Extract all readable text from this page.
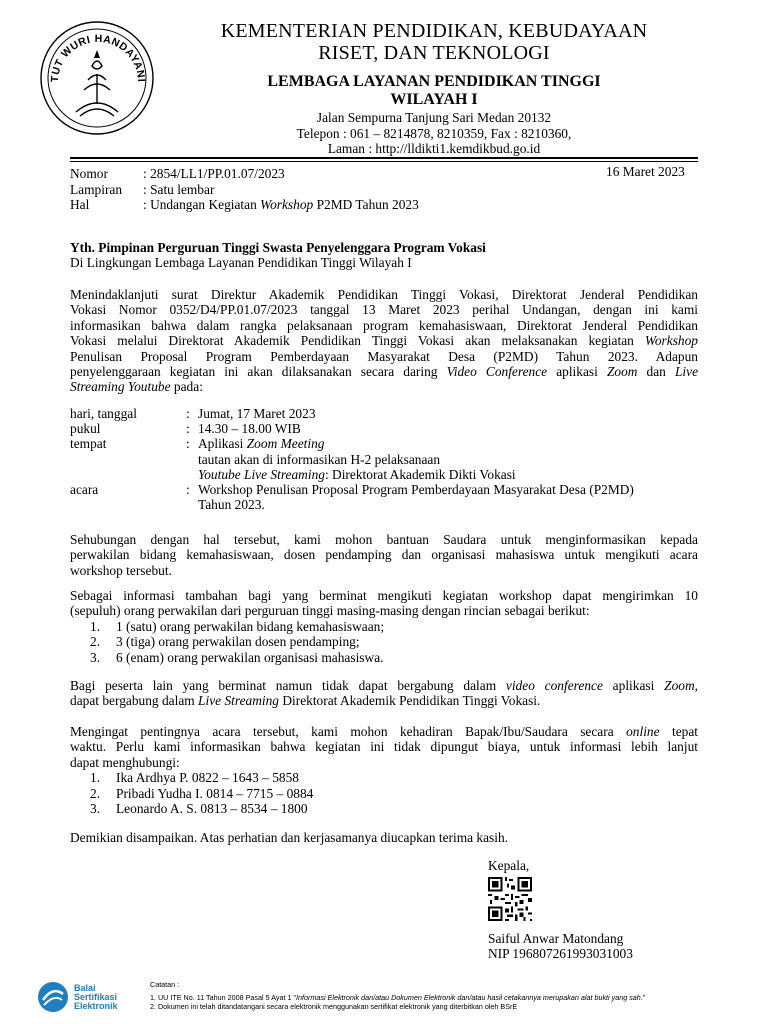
TUT WURI HANDAYANI
KEMENTERIAN PENDIDIKAN, KEBUDAYAAN
RISET, DAN TEKNOLOGI
LEMBAGA LAYANAN PENDIDIKAN TINGGI
WILAYAH I
Jalan Sempurna Tanjung Sari Medan 20132
Telepon : 061 – 8214878, 8210359, Fax : 8210360,
Laman : http://lldikti1.kemdikbud.go.id
Nomor	: 2854/LL1/PP.01.07/2023
Lampiran	: Satu lembar
Hal	: Undangan Kegiatan Workshop P2MD Tahun 2023
16 Maret 2023
Yth. Pimpinan Perguruan Tinggi Swasta Penyelenggara Program Vokasi
Di Lingkungan Lembaga Layanan Pendidikan Tinggi Wilayah I
Menindaklanjuti surat Direktur Akademik Pendidikan Tinggi Vokasi, Direktorat Jenderal Pendidikan
Vokasi Nomor 0352/D4/PP.01.07/2023 tanggal 13 Maret 2023 perihal Undangan, dengan ini kami
informasikan bahwa dalam rangka pelaksanaan program kemahasiswaan, Direktorat Jenderal Pendidikan
Vokasi melalui Direktorat Akademik Pendidikan Tinggi Vokasi akan melaksanakan kegiatan Workshop
Penulisan Proposal Program Pemberdayaan Masyarakat Desa (P2MD) Tahun 2023. Adapun
penyelenggaraan kegiatan ini akan dilaksanakan secara daring Video Conference aplikasi Zoom dan Live
Streaming Youtube pada:
hari, tanggal	: Jumat, 17 Maret 2023
pukul	: 14.30 – 18.00 WIB
tempat	: Aplikasi Zoom Meeting
tautan akan di informasikan H-2 pelaksanaan
Youtube Live Streaming: Direktorat Akademik Dikti Vokasi
acara	: Workshop Penulisan Proposal Program Pemberdayaan Masyarakat Desa (P2MD)
Tahun 2023.
Sehubungan dengan hal tersebut, kami mohon bantuan Saudara untuk menginformasikan kepada
perwakilan bidang kemahasiswaan, dosen pendamping dan organisasi mahasiswa untuk mengikuti acara
workshop tersebut.
Sebagai informasi tambahan bagi yang berminat mengikuti kegiatan workshop dapat mengirimkan 10
(sepuluh) orang perwakilan dari perguruan tinggi masing-masing dengan rincian sebagai berikut:
1.	1 (satu) orang perwakilan bidang kemahasiswaan;
2.	3 (tiga) orang perwakilan dosen pendamping;
3.	6 (enam) orang perwakilan organisasi mahasiswa.
Bagi peserta lain yang berminat namun tidak dapat bergabung dalam video conference aplikasi Zoom,
dapat bergabung dalam Live Streaming Direktorat Akademik Pendidikan Tinggi Vokasi.
Mengingat pentingnya acara tersebut, kami mohon kehadiran Bapak/Ibu/Saudara secara online tepat
waktu. Perlu kami informasikan bahwa kegiatan ini tidak dipungut biaya, untuk informasi lebih lanjut
dapat menghubungi:
1.	Ika Ardhya P. 0822 – 1643 – 5858
2.	Pribadi Yudha I. 0814 – 7715 – 0884
3.	Leonardo A. S. 0813 – 8534 – 1800
Demikian disampaikan. Atas perhatian dan kerjasamanya diucapkan terima kasih.
Kepala,
Saiful Anwar Matondang
NIP 196807261993031003
Balai
Sertifikasi
Elektronik
Catatan :
1. UU ITE No. 11 Tahun 2008 Pasal 5 Ayat 1 "Informasi Elektronik dan/atau Dokumen Elektronik dan/atau hasil cetakannya merupakan alat bukti yang sah."
2. Dokumen ini telah ditandatangani secara elektronik menggunakan sertifikat elektronik yang diterbitkan oleh BSrE
